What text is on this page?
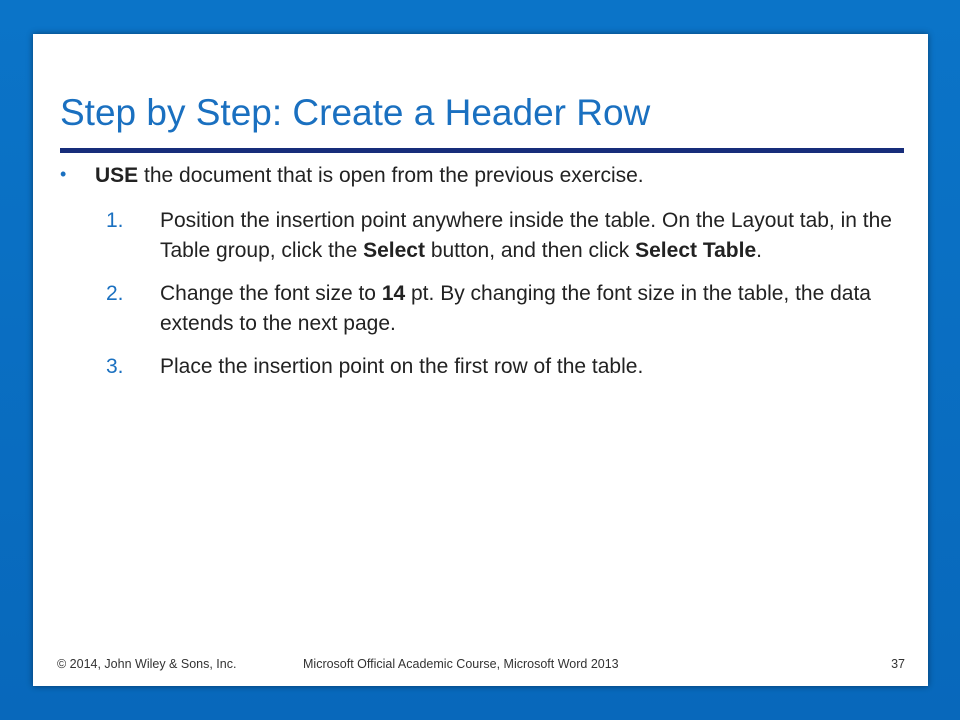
Step by Step: Create a Header Row
• USE the document that is open from the previous exercise.
1. Position the insertion point anywhere inside the table. On the Layout tab, in the Table group, click the Select button, and then click Select Table.
2. Change the font size to 14 pt. By changing the font size in the table, the data extends to the next page.
3. Place the insertion point on the first row of the table.
© 2014, John Wiley & Sons, Inc.	Microsoft Official Academic Course, Microsoft Word 2013	37
